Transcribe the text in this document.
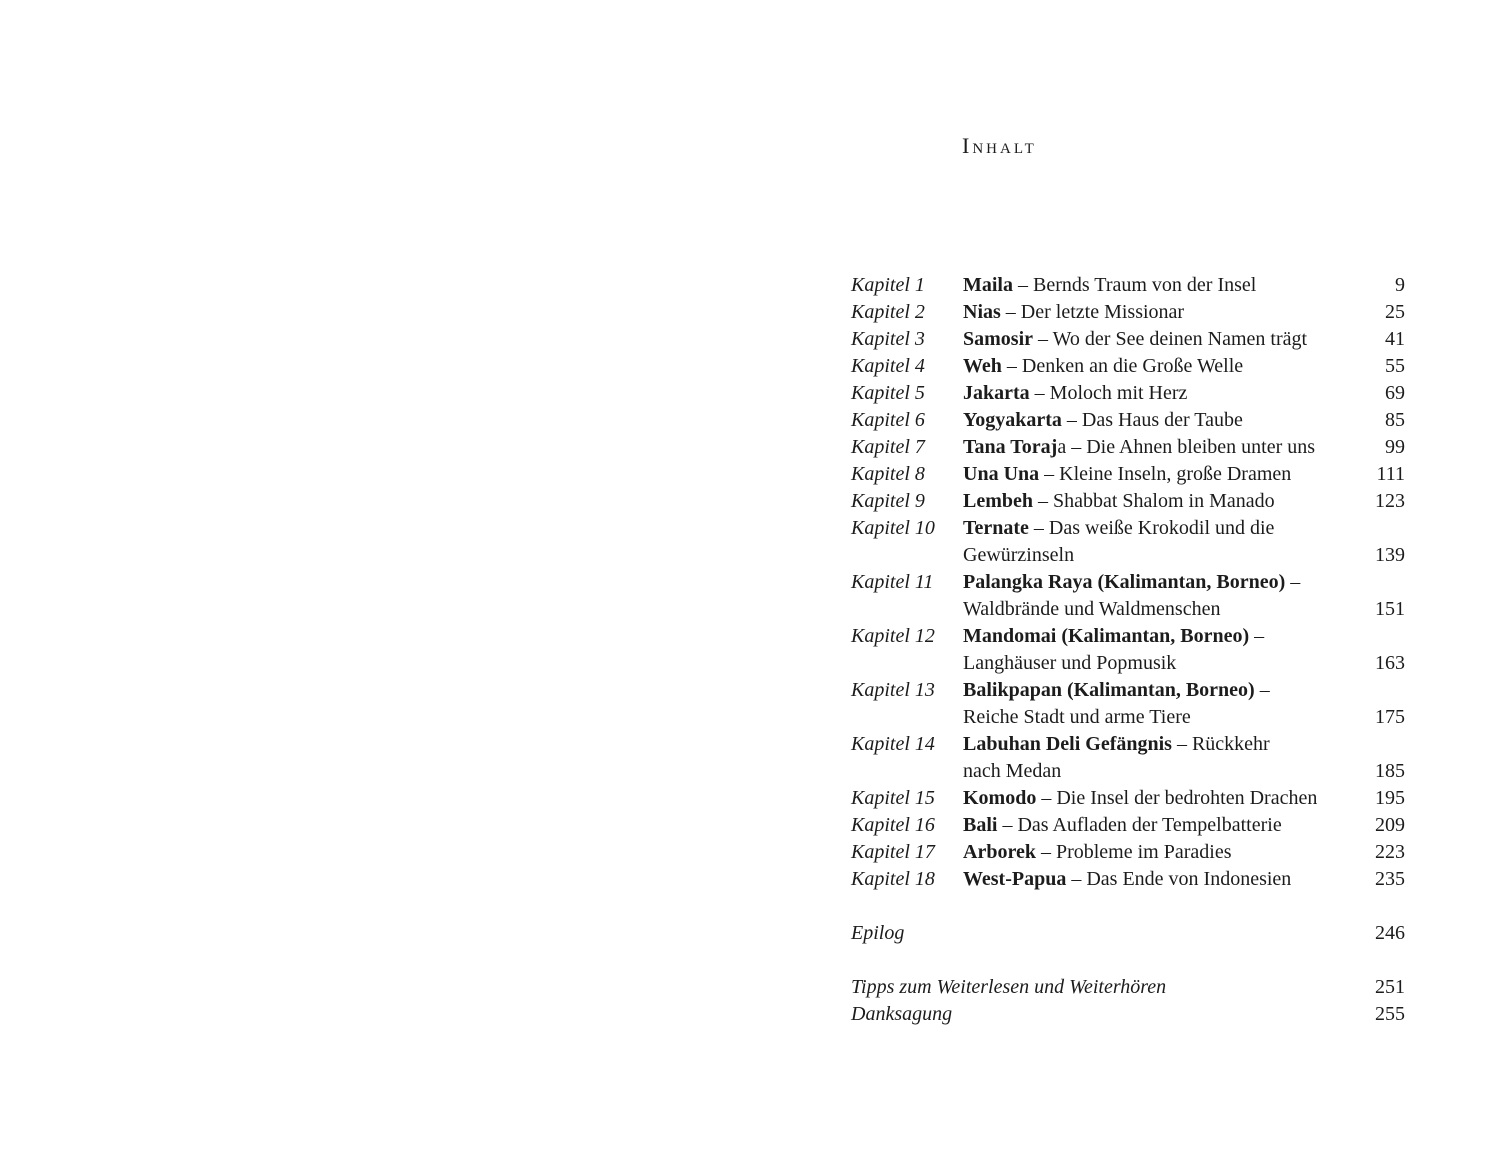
Inhalt
Kapitel 1	Maila – Bernds Traum von der Insel	9
Kapitel 2	Nias – Der letzte Missionar	25
Kapitel 3	Samosir – Wo der See deinen Namen trägt	41
Kapitel 4	Weh – Denken an die Große Welle	55
Kapitel 5	Jakarta – Moloch mit Herz	69
Kapitel 6	Yogyakarta – Das Haus der Taube	85
Kapitel 7	Tana Toraja – Die Ahnen bleiben unter uns	99
Kapitel 8	Una Una – Kleine Inseln, große Dramen	111
Kapitel 9	Lembeh – Shabbat Shalom in Manado	123
Kapitel 10	Ternate – Das weiße Krokodil und die
Gewürzinseln	139
Kapitel 11	Palangka Raya (Kalimantan, Borneo) –
Waldbrände und Waldmenschen	151
Kapitel 12	Mandomai (Kalimantan, Borneo) –
Langhäuser und Popmusik	163
Kapitel 13	Balikpapan (Kalimantan, Borneo) –
Reiche Stadt und arme Tiere	175
Kapitel 14	Labuhan Deli Gefängnis – Rückkehr
nach Medan	185
Kapitel 15	Komodo – Die Insel der bedrohten Drachen	195
Kapitel 16	Bali – Das Aufladen der Tempelbatterie	209
Kapitel 17	Arborek – Probleme im Paradies	223
Kapitel 18	West-Papua – Das Ende von Indonesien	235
Epilog	246
Tipps zum Weiterlesen und Weiterhören	251
Danksagung	255
